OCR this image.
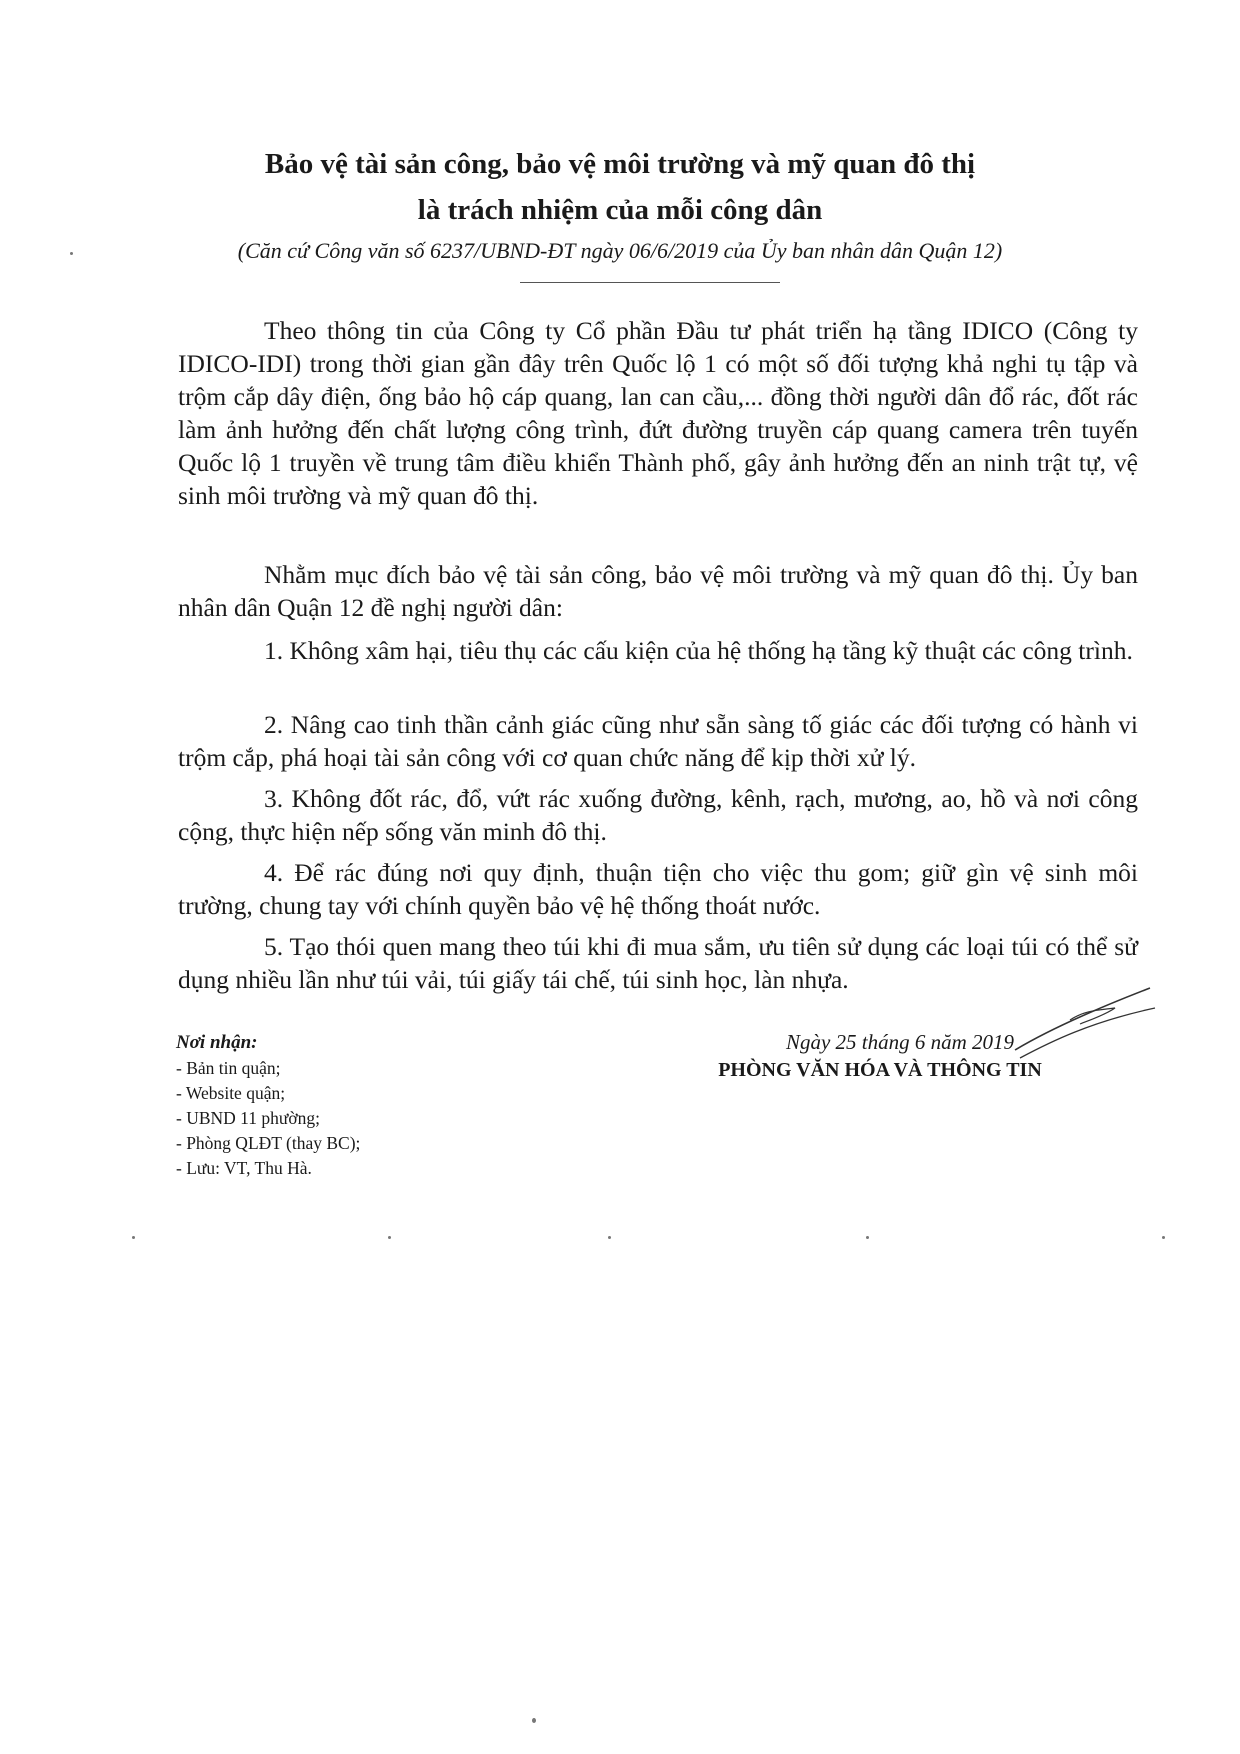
Bảo vệ tài sản công, bảo vệ môi trường và mỹ quan đô thị
là trách nhiệm của mỗi công dân
(Căn cứ Công văn số 6237/UBND-ĐT ngày 06/6/2019 của Ủy ban nhân dân Quận 12)
Theo thông tin của Công ty Cổ phần Đầu tư phát triển hạ tầng IDICO (Công ty IDICO-IDI) trong thời gian gần đây trên Quốc lộ 1 có một số đối tượng khả nghi tụ tập và trộm cắp dây điện, ống bảo hộ cáp quang, lan can cầu,... đồng thời người dân đổ rác, đốt rác làm ảnh hưởng đến chất lượng công trình, đứt đường truyền cáp quang camera trên tuyến Quốc lộ 1 truyền về trung tâm điều khiển Thành phố, gây ảnh hưởng đến an ninh trật tự, vệ sinh môi trường và mỹ quan đô thị.
Nhằm mục đích bảo vệ tài sản công, bảo vệ môi trường và mỹ quan đô thị. Ủy ban nhân dân Quận 12 đề nghị người dân:
1. Không xâm hại, tiêu thụ các cấu kiện của hệ thống hạ tầng kỹ thuật các công trình.
2. Nâng cao tinh thần cảnh giác cũng như sẵn sàng tố giác các đối tượng có hành vi trộm cắp, phá hoại tài sản công với cơ quan chức năng để kịp thời xử lý.
3. Không đốt rác, đổ, vứt rác xuống đường, kênh, rạch, mương, ao, hồ và nơi công cộng, thực hiện nếp sống văn minh đô thị.
4. Để rác đúng nơi quy định, thuận tiện cho việc thu gom; giữ gìn vệ sinh môi trường, chung tay với chính quyền bảo vệ hệ thống thoát nước.
5. Tạo thói quen mang theo túi khi đi mua sắm, ưu tiên sử dụng các loại túi có thể sử dụng nhiều lần như túi vải, túi giấy tái chế, túi sinh học, làn nhựa.
Nơi nhận:
- Bản tin quận;
- Website quận;
- UBND 11 phường;
- Phòng QLĐT (thay BC);
- Lưu: VT, Thu Hà.
Ngày 25 tháng 6 năm 2019
PHÒNG VĂN HÓA VÀ THÔNG TIN
